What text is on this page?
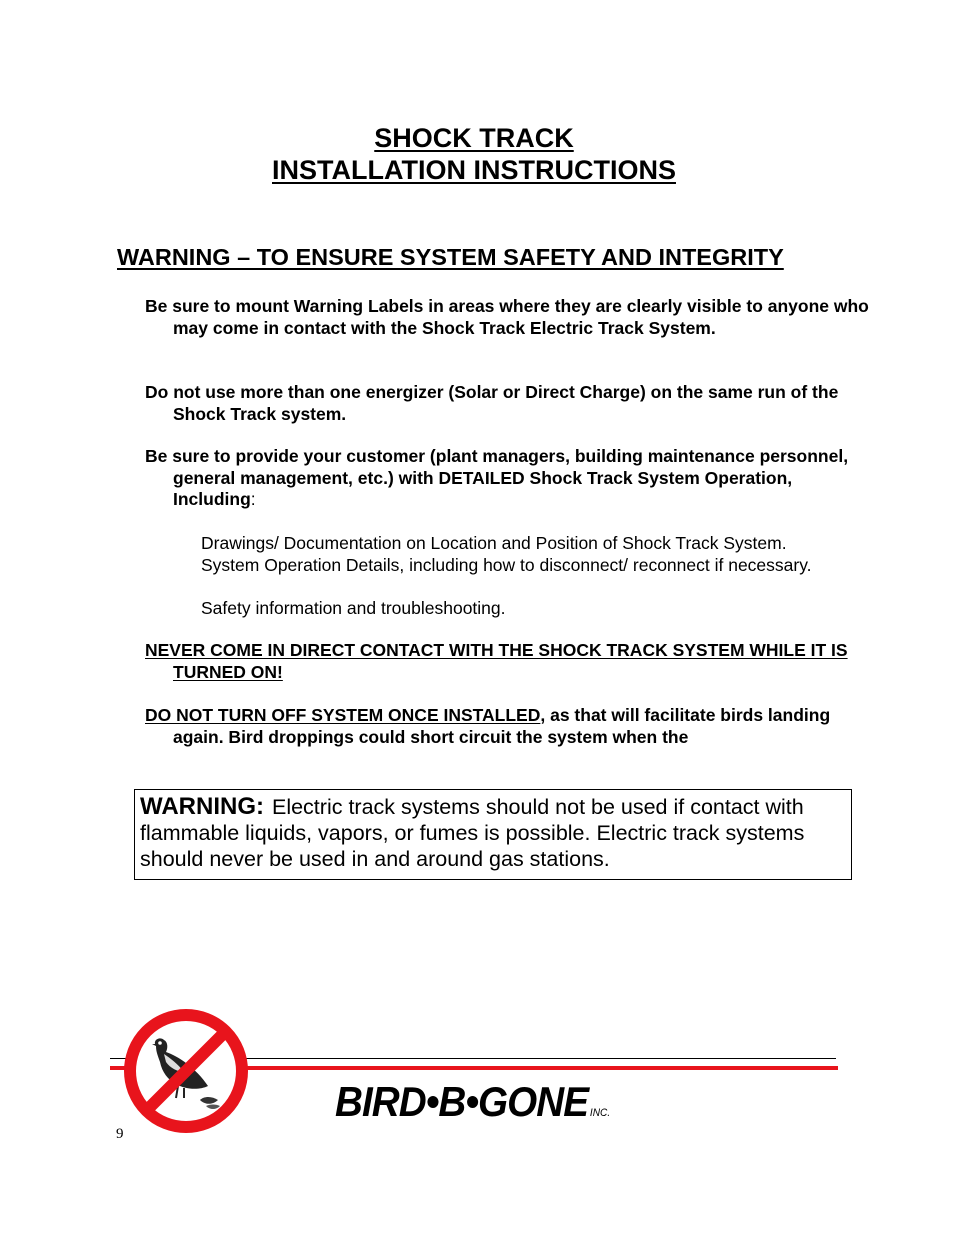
SHOCK TRACK
INSTALLATION INSTRUCTIONS
WARNING – TO ENSURE SYSTEM SAFETY AND INTEGRITY

Be sure to mount Warning Labels in areas where they are clearly visible to anyone who may come in contact with the Shock Track Electric Track System.

Do not use more than one energizer (Solar or Direct Charge) on the same run of the Shock Track system.

Be sure to provide your customer (plant managers, building maintenance personnel, general management, etc.) with DETAILED Shock Track System Operation, Including:

Drawings/ Documentation on Location and Position of Shock Track System.

System Operation Details, including how to disconnect/ reconnect if necessary.

Safety information and troubleshooting.

NEVER COME IN DIRECT CONTACT WITH THE SHOCK TRACK SYSTEM WHILE IT IS TURNED ON!

DO NOT TURN OFF SYSTEM ONCE INSTALLED, as that will facilitate birds landing again. Bird droppings could short circuit the system when the

WARNING: Electric track systems should not be used if contact with flammable liquids, vapors, or fumes is possible. Electric track systems should never be used in and around gas stations.
BIRD•B•GONE INC.
9
